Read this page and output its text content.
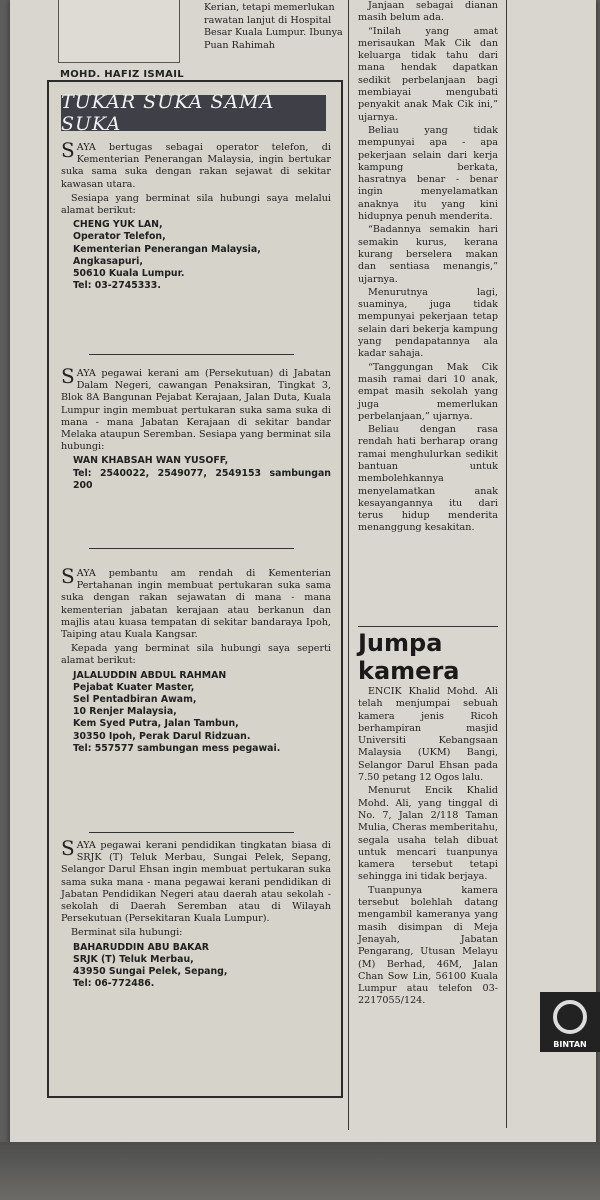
Kerian, tetapi memerlukan rawatan lanjut di Hospital Besar Kuala Lumpur. Ibunya Puan Rahimah
MOHD. HAFIZ ISMAIL
TUKAR SUKA SAMA SUKA

SAYA bertugas sebagai operator telefon, di Kementerian Penerangan Malaysia, ingin bertukar suka sama suka dengan rakan sejawat di sekitar kawasan utara.

Sesiapa yang berminat sila hubungi saya melalui alamat berikut:

CHENG YUK LAN,
Operator Telefon,
Kementerian Penerangan Malaysia,
Angkasapuri,
50610 Kuala Lumpur.
Tel: 03-2745333.

SAYA pegawai kerani am (Persekutuan) di Jabatan Dalam Negeri, cawangan Penaksiran, Tingkat 3, Blok 8A Bangunan Pejabat Kerajaan, Jalan Duta, Kuala Lumpur ingin membuat pertukaran suka sama suka di mana - mana Jabatan Kerajaan di sekitar bandar Melaka ataupun Seremban. Sesiapa yang berminat sila hubungi:

WAN KHABSAH WAN YUSOFF,
Tel: 2540022, 2549077, 2549153 sambungan 200

SAYA pembantu am rendah di Kementerian Pertahanan ingin membuat pertukaran suka sama suka dengan rakan sejawatan di mana - mana kementerian jabatan kerajaan atau berkanun dan majlis atau kuasa tempatan di sekitar bandaraya Ipoh, Taiping atau Kuala Kangsar.

Kepada yang berminat sila hubungi saya seperti alamat berikut:

JALALUDDIN ABDUL RAHMAN
Pejabat Kuater Master,
Sel Pentadbiran Awam,
10 Renjer Malaysia,
Kem Syed Putra, Jalan Tambun,
30350 Ipoh, Perak Darul Ridzuan.
Tel: 557577 sambungan mess pegawai.

SAYA pegawai kerani pendidikan tingkatan biasa di SRJK (T) Teluk Merbau, Sungai Pelek, Sepang, Selangor Darul Ehsan ingin membuat pertukaran suka sama suka mana - mana pegawai kerani pendidikan di Jabatan Pendidikan Negeri atau daerah atau sekolah - sekolah di Daerah Seremban atau di Wilayah Persekutuan (Persekitaran Kuala Lumpur).

Berminat sila hubungi:

BAHARUDDIN ABU BAKAR
SRJK (T) Teluk Merbau,
43950 Sungai Pelek, Sepang,
Tel: 06-772486.

Janjaan sebagai dianan masih belum ada.

“Inilah yang amat merisaukan Mak Cik dan keluarga tidak tahu dari mana hendak dapatkan sedikit perbelanjaan bagi membiayai mengubati penyakit anak Mak Cik ini,” ujarnya.

Beliau yang tidak mempunyai apa - apa pekerjaan selain dari kerja kampung berkata, hasratnya benar - benar ingin menyelamatkan anaknya itu yang kini hidupnya penuh menderita.

“Badannya semakin hari semakin kurus, kerana kurang berselera makan dan sentiasa menangis,” ujarnya.

Menurutnya lagi, suaminya, juga tidak mempunyai pekerjaan tetap selain dari bekerja kampung yang pendapatannya ala kadar sahaja.

“Tanggungan Mak Cik masih ramai dari 10 anak, empat masih sekolah yang juga memerlukan perbelanjaan,” ujarnya.

Beliau dengan rasa rendah hati berharap orang ramai menghulurkan sedikit bantuan untuk membolehkannya menyelamatkan anak kesayangannya itu dari terus hidup menderita menanggung kesakitan.

Jumpa kamera

ENCIK Khalid Mohd. Ali telah menjumpai sebuah kamera jenis Ricoh berhampiran masjid Universiti Kebangsaan Malaysia (UKM) Bangi, Selangor Darul Ehsan pada 7.50 petang 12 Ogos lalu.

Menurut Encik Khalid Mohd. Ali, yang tinggal di No. 7, Jalan 2/118 Taman Mulia, Cheras memberitahu, segala usaha telah dibuat untuk mencari tuanpunya kamera tersebut tetapi sehingga ini tidak berjaya.

Tuanpunya kamera tersebut bolehlah datang mengambil kameranya yang masih disimpan di Meja Jenayah, Jabatan Pengarang, Utusan Melayu (M) Berhad, 46M, Jalan Chan Sow Lin, 56100 Kuala Lumpur atau telefon 03-2217055/124.

BINTAN
